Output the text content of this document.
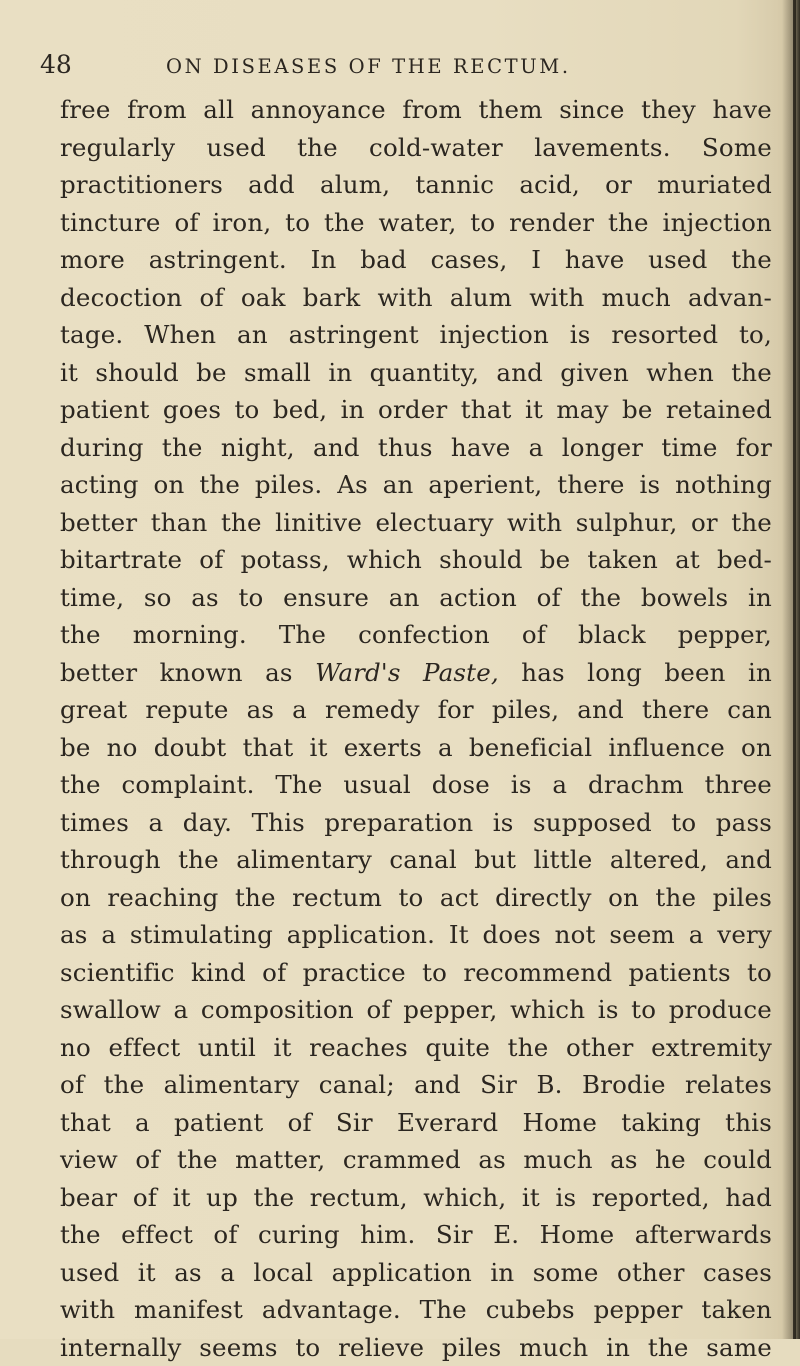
48	ON DISEASES OF THE RECTUM.
free from all annoyance from them since they have
regularly used the cold-water lavements. Some
practitioners add alum, tannic acid, or muriated
tincture of iron, to the water, to render the injection
more astringent. In bad cases, I have used the
decoction of oak bark with alum with much advan-
tage. When an astringent injection is resorted to,
it should be small in quantity, and given when the
patient goes to bed, in order that it may be retained
during the night, and thus have a longer time for
acting on the piles. As an aperient, there is nothing
better than the linitive electuary with sulphur, or the
bitartrate of potass, which should be taken at bed-
time, so as to ensure an action of the bowels in
the morning. The confection of black pepper,
better known as Ward's Paste, has long been in
great repute as a remedy for piles, and there can
be no doubt that it exerts a beneficial influence on
the complaint. The usual dose is a drachm three
times a day. This preparation is supposed to pass
through the alimentary canal but little altered, and
on reaching the rectum to act directly on the piles
as a stimulating application. It does not seem a very
scientific kind of practice to recommend patients to
swallow a composition of pepper, which is to produce
no effect until it reaches quite the other extremity
of the alimentary canal; and Sir B. Brodie relates
that a patient of Sir Everard Home taking this
view of the matter, crammed as much as he could
bear of it up the rectum, which, it is reported, had
the effect of curing him. Sir E. Home afterwards
used it as a local application in some other cases
with manifest advantage. The cubebs pepper taken
internally seems to relieve piles much in the same
